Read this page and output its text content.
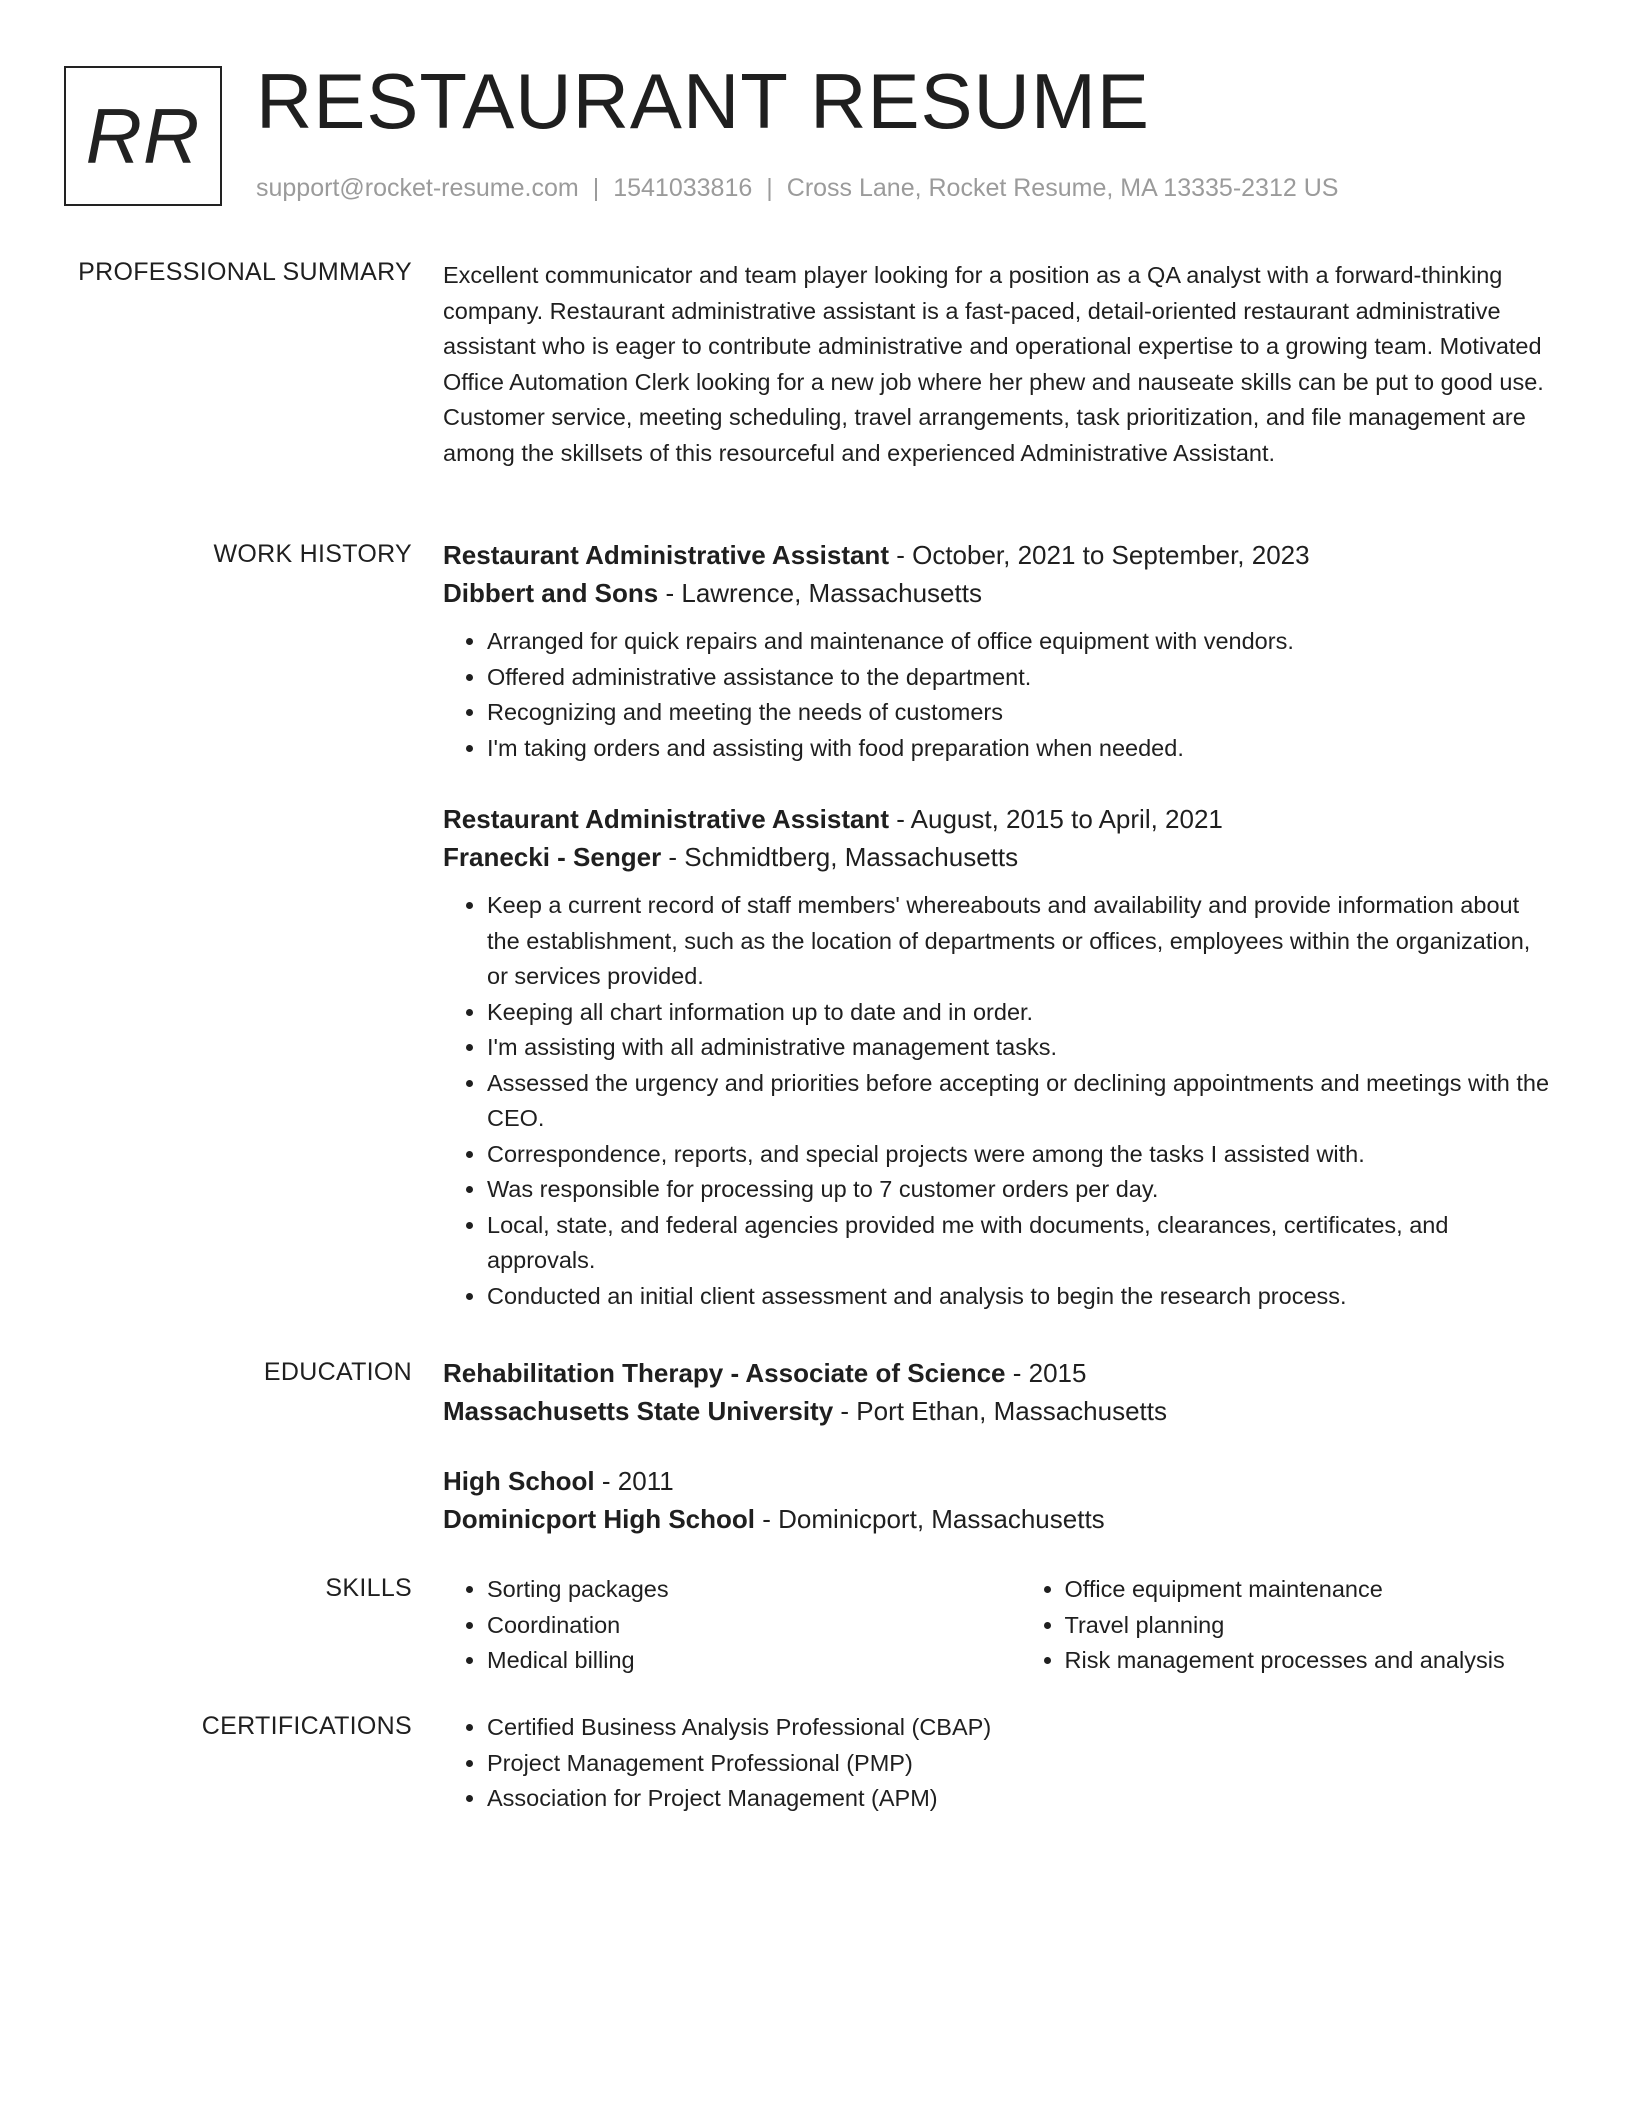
RR RESTAURANT RESUME
support@rocket-resume.com | 1541033816 | Cross Lane, Rocket Resume, MA 13335-2312 US
PROFESSIONAL SUMMARY Excellent communicator and team player looking for a position as a QA analyst with a forward-thinking company. Restaurant administrative assistant is a fast-paced, detail-oriented restaurant administrative assistant who is eager to contribute administrative and operational expertise to a growing team. Motivated Office Automation Clerk looking for a new job where her phew and nauseate skills can be put to good use. Customer service, meeting scheduling, travel arrangements, task prioritization, and file management are among the skillsets of this resourceful and experienced Administrative Assistant.

WORK HISTORY Restaurant Administrative Assistant - October, 2021 to September, 2023
Dibbert and Sons - Lawrence, Massachusetts
• Arranged for quick repairs and maintenance of office equipment with vendors.
• Offered administrative assistance to the department.
• Recognizing and meeting the needs of customers
• I'm taking orders and assisting with food preparation when needed.
Restaurant Administrative Assistant - August, 2015 to April, 2021
Franecki - Senger - Schmidtberg, Massachusetts
• Keep a current record of staff members' whereabouts and availability and provide information about the establishment, such as the location of departments or offices, employees within the organization, or services provided.
• Keeping all chart information up to date and in order.
• I'm assisting with all administrative management tasks.
• Assessed the urgency and priorities before accepting or declining appointments and meetings with the CEO.
• Correspondence, reports, and special projects were among the tasks I assisted with.
• Was responsible for processing up to 7 customer orders per day.
• Local, state, and federal agencies provided me with documents, clearances, certificates, and approvals.
• Conducted an initial client assessment and analysis to begin the research process.
EDUCATION Rehabilitation Therapy - Associate of Science - 2015
Massachusetts State University - Port Ethan, Massachusetts
High School - 2011
Dominicport High School - Dominicport, Massachusetts
SKILLS	• Sorting packages
• Coordination
• Medical billing
• Office equipment maintenance
• Travel planning
• Risk management processes and analysis
CERTIFICATIONS	• Certified Business Analysis Professional (CBAP)
• Project Management Professional (PMP)
• Association for Project Management (APM)
